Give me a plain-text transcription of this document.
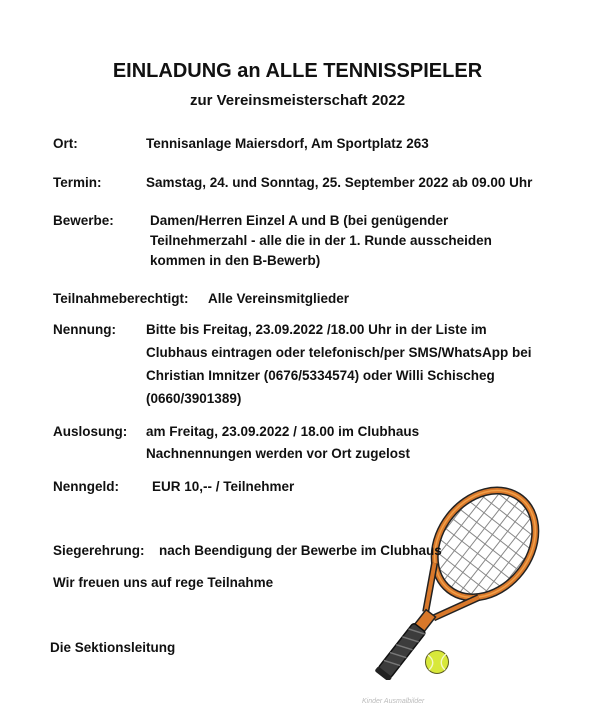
EINLADUNG an ALLE TENNISSPIELER
zur Vereinsmeisterschaft 2022
Ort:	Tennisanlage Maiersdorf, Am Sportplatz 263
Termin:	Samstag, 24. und Sonntag, 25. September 2022 ab 09.00 Uhr
Bewerbe:	Damen/Herren Einzel A und B (bei genügender
Teilnehmerzahl - alle die in der 1. Runde ausscheiden
kommen in den B-Bewerb)
Teilnahmeberechtigt: Alle Vereinsmitglieder
Nennung: Bitte bis Freitag, 23.09.2022 /18.00 Uhr in der Liste im
Clubhaus eintragen oder telefonisch/per SMS/WhatsApp bei
Christian Imnitzer (0676/5334574) oder Willi Schischeg
(0660/3901389)
Auslosung: am Freitag, 23.09.2022 / 18.00 im Clubhaus
Nachnennungen werden vor Ort zugelost
Nenngeld: EUR 10,-- / Teilnehmer
Kinder Ausmalbilder
Siegerehrung: nach Beendigung der Bewerbe im Clubhaus
Wir freuen uns auf rege Teilnahme
Die Sektionsleitung
